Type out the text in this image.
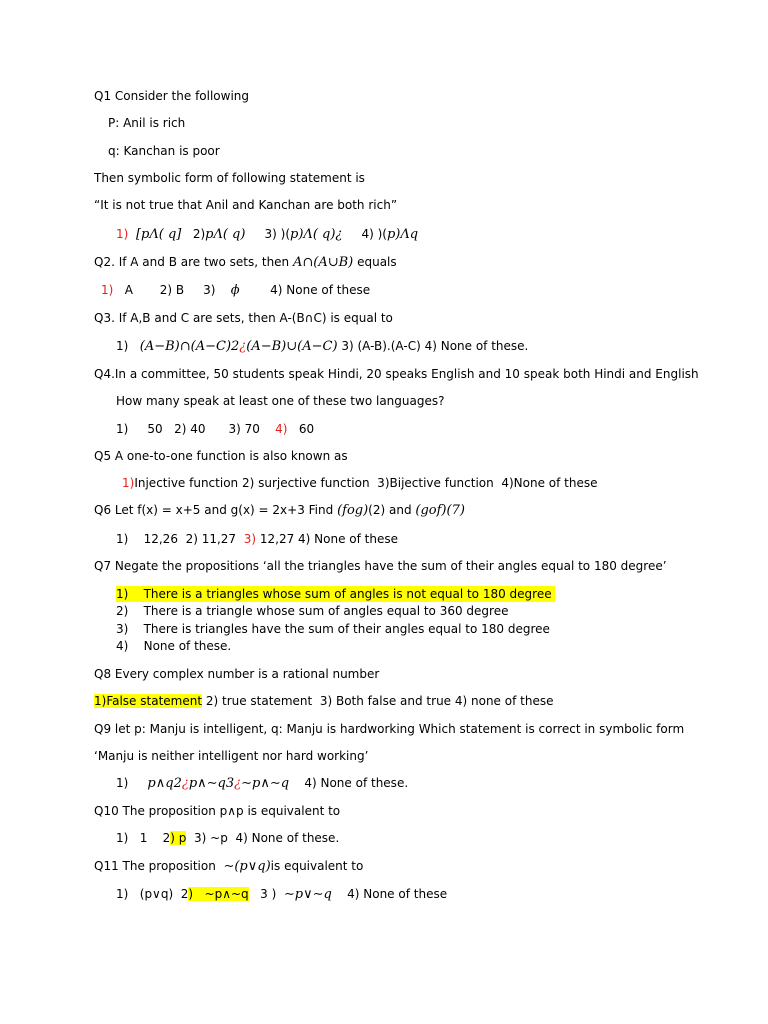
Q1 Consider the following
P: Anil is rich
q: Kanchan is poor
Then symbolic form of following statement is
“It is not true that Anil and Kanchan are both rich”
1) [pΛ( q] 2)pΛ( q) 3) )(p)Λ( q)¿ 4) )(p)Λq
Q2. If A and B are two sets, then A∩(A∪B) equals
1) A 2) B 3) ϕ	4) None of these
Q3. If A,B and C are sets, then A-(B∩C) is equal to
1) (A−B)∩(A−C)2¿(A−B)∪(A−C) 3) (A-B).(A-C) 4) None of these.
Q4.In a committee, 50 students speak Hindi, 20 speaks English and 10 speak both Hindi and English
How many speak at least one of these two languages?
1) 50 2) 40 3) 70 4) 60
Q5 A one-to-one function is also known as
1)Injective function 2) surjective function  3)Bijective function  4)None of these
Q6 Let f(x) = x+5 and g(x) = 2x+3 Find (fog)(2) and (gof)(7)
1) 12,26  2) 11,27 3) 12,27 4) None of these
Q7 Negate the propositions ‘all the triangles have the sum of their angles equal to 180 degree’
1) There is a triangles whose sum of angles is not equal to 180 degree
2) There is a triangle whose sum of angles equal to 360 degree
3) There is triangles have the sum of their angles equal to 180 degree
4) None of these.
Q8 Every complex number is a rational number
1)False statement 2) true statement  3) Both false and true 4) none of these
Q9 let p: Manju is intelligent, q: Manju is hardworking Which statement is correct in symbolic form
‘Manju is neither intelligent nor hard working’
1) p∧q2¿p∧∼q3¿∼p∧∼q 4) None of these.
Q10 The proposition p∧p is equivalent to
1)   1    2) p  3) ~p  4) None of these.
Q11 The proposition ∼(p∨q)is equivalent to
1)   (p∨q)  2)   ~p∧~q 3 ) ∼p∨∼q 4) None of these
